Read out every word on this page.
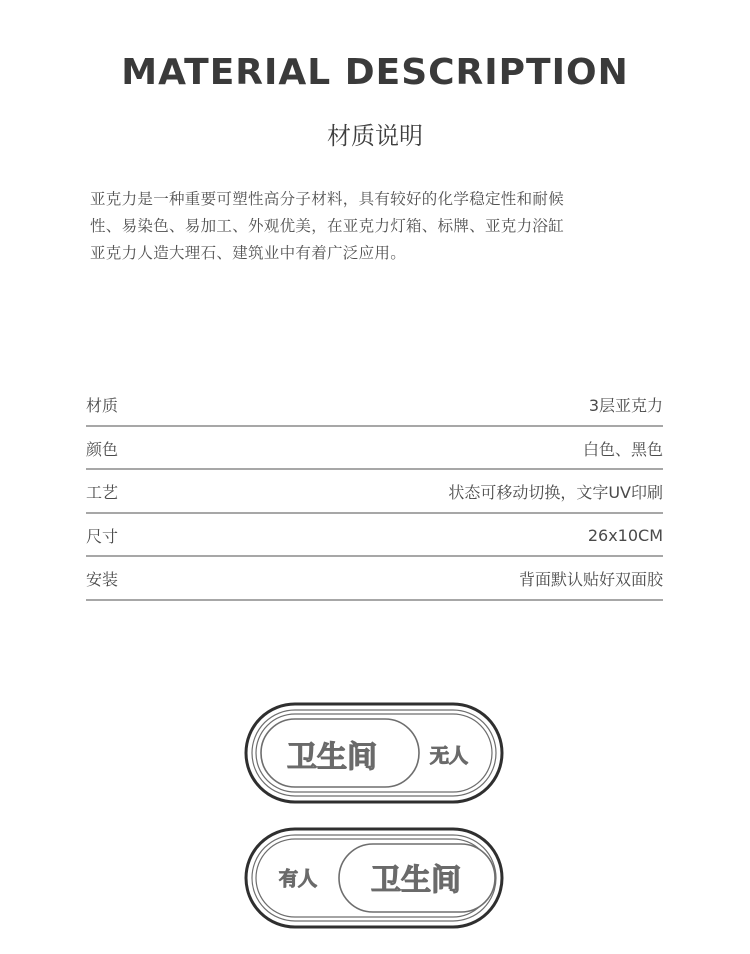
MATERIAL DESCRIPTION
材质说明
亚克力是一种重要可塑性高分子材料，具有较好的化学稳定性和耐候
性、易染色、易加工、外观优美，在亚克力灯箱、标牌、亚克力浴缸
亚克力人造大理石、建筑业中有着广泛应用。
材质	3层亚克力
颜色	白色、黑色
工艺	状态可移动切换，文字UV印刷
尺寸	26x10CM
安装	背面默认贴好双面胶
卫生间	无人
卫生间
有人
